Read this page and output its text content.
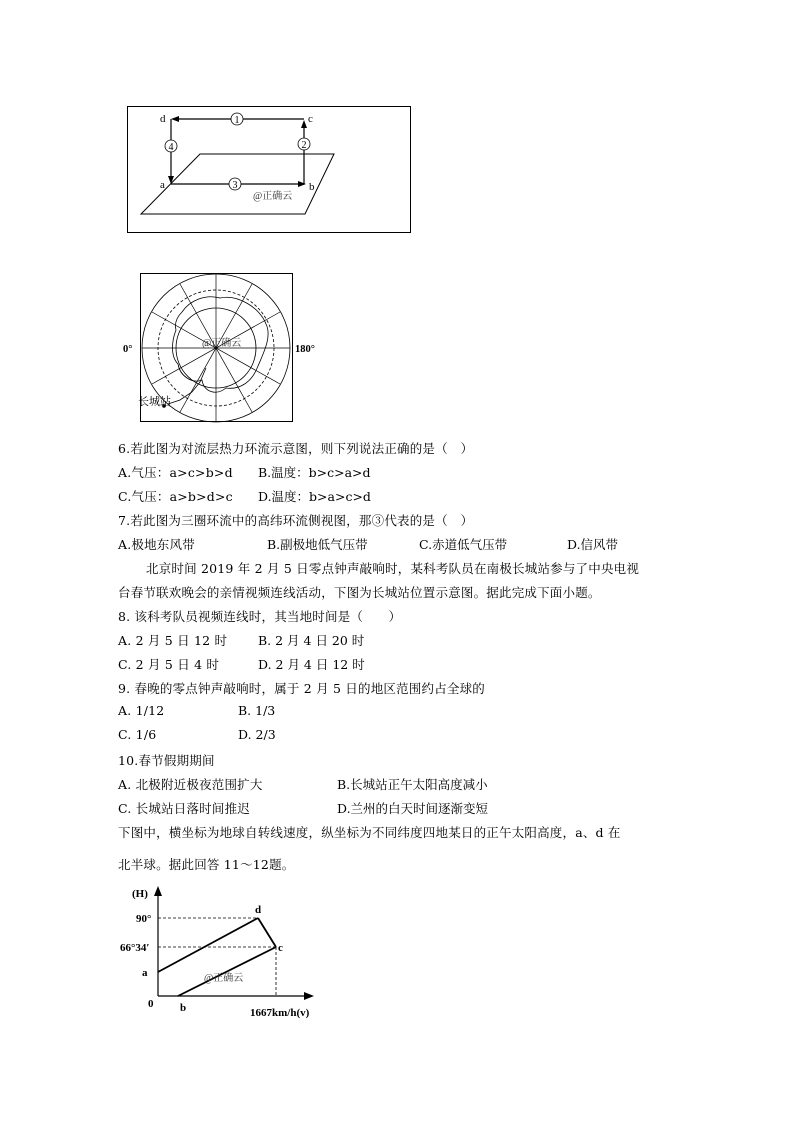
1
2
3
4
d	c
a	b
@正确云
0°	180°
长城站
@正确云
6.若此图为对流层热力环流示意图，则下列说法正确的是（　）
A.气压：a>c>b>d B.温度：b>c>a>d
C.气压：a>b>d>c D.温度：b>a>c>d
7.若此图为三圈环流中的高纬环流侧视图，那③代表的是（　）
A.极地东风带	B.副极地低气压带	C.赤道低气压带	D.信风带
北京时间 2019 年 2 月 5 日零点钟声敲响时，某科考队员在南极长城站参与了中央电视
台春节联欢晚会的亲情视频连线活动，下图为长城站位置示意图。据此完成下面小题。
8. 该科考队员视频连线时，其当地时间是（　　）
A. 2 月 5 日 12 时 B. 2 月 4 日 20 时
C. 2 月 5 日 4 时	D. 2 月 4 日 12 时
9. 春晚的零点钟声敲响时，属于 2 月 5 日的地区范围约占全球的
A. 1/12	B. 1/3
C. 1/6	D. 2/3
10.春节假期期间
A. 北极附近极夜范围扩大	B.长城站正午太阳高度减小
C. 长城站日落时间推迟	D.兰州的白天时间逐渐变短
下图中，横坐标为地球自转线速度，纵坐标为不同纬度四地某日的正午太阳高度，a、d 在
北半球。据此回答 11～12题。
(H)
90°
66°34′
0
a
b
c
d
1667km/h(v)
@正确云
